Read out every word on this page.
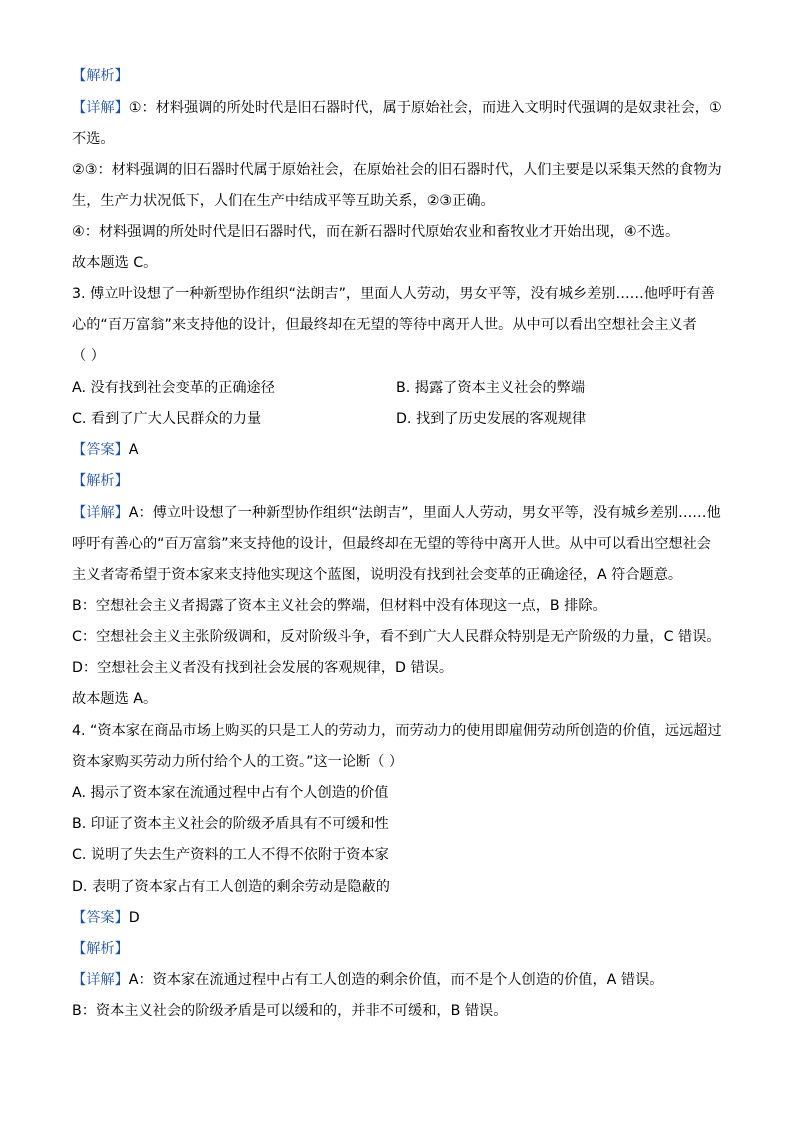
【解析】
【详解】①：材料强调的所处时代是旧石器时代，属于原始社会，而进入文明时代强调的是奴隶社会，①
不选。
②③：材料强调的旧石器时代属于原始社会，在原始社会的旧石器时代，人们主要是以采集天然的食物为
生，生产力状况低下，人们在生产中结成平等互助关系，②③正确。
④：材料强调的所处时代是旧石器时代，而在新石器时代原始农业和畜牧业才开始出现，④不选。
故本题选 C。
3. 傅立叶设想了一种新型协作组织“法朗吉”，里面人人劳动，男女平等，没有城乡差别……他呼吁有善
心的“百万富翁”来支持他的设计，但最终却在无望的等待中离开人世。从中可以看出空想社会主义者
（ ）
A. 没有找到社会变革的正确途径	B. 揭露了资本主义社会的弊端
C. 看到了广大人民群众的力量	D. 找到了历史发展的客观规律
【答案】A
【解析】
【详解】A：傅立叶设想了一种新型协作组织“法朗吉”，里面人人劳动，男女平等，没有城乡差别……他
呼吁有善心的“百万富翁”来支持他的设计，但最终却在无望的等待中离开人世。从中可以看出空想社会
主义者寄希望于资本家来支持他实现这个蓝图，说明没有找到社会变革的正确途径，A 符合题意。
B：空想社会主义者揭露了资本主义社会的弊端，但材料中没有体现这一点，B 排除。
C：空想社会主义主张阶级调和，反对阶级斗争，看不到广大人民群众特别是无产阶级的力量，C 错误。
D：空想社会主义者没有找到社会发展的客观规律，D 错误。
故本题选 A。
4. “资本家在商品市场上购买的只是工人的劳动力，而劳动力的使用即雇佣劳动所创造的价值，远远超过
资本家购买劳动力所付给个人的工资。”这一论断（ ）
A. 揭示了资本家在流通过程中占有个人创造的价值
B. 印证了资本主义社会的阶级矛盾具有不可缓和性
C. 说明了失去生产资料的工人不得不依附于资本家
D. 表明了资本家占有工人创造的剩余劳动是隐蔽的
【答案】D
【解析】
【详解】A：资本家在流通过程中占有工人创造的剩余价值，而不是个人创造的价值，A 错误。
B：资本主义社会的阶级矛盾是可以缓和的，并非不可缓和，B 错误。
